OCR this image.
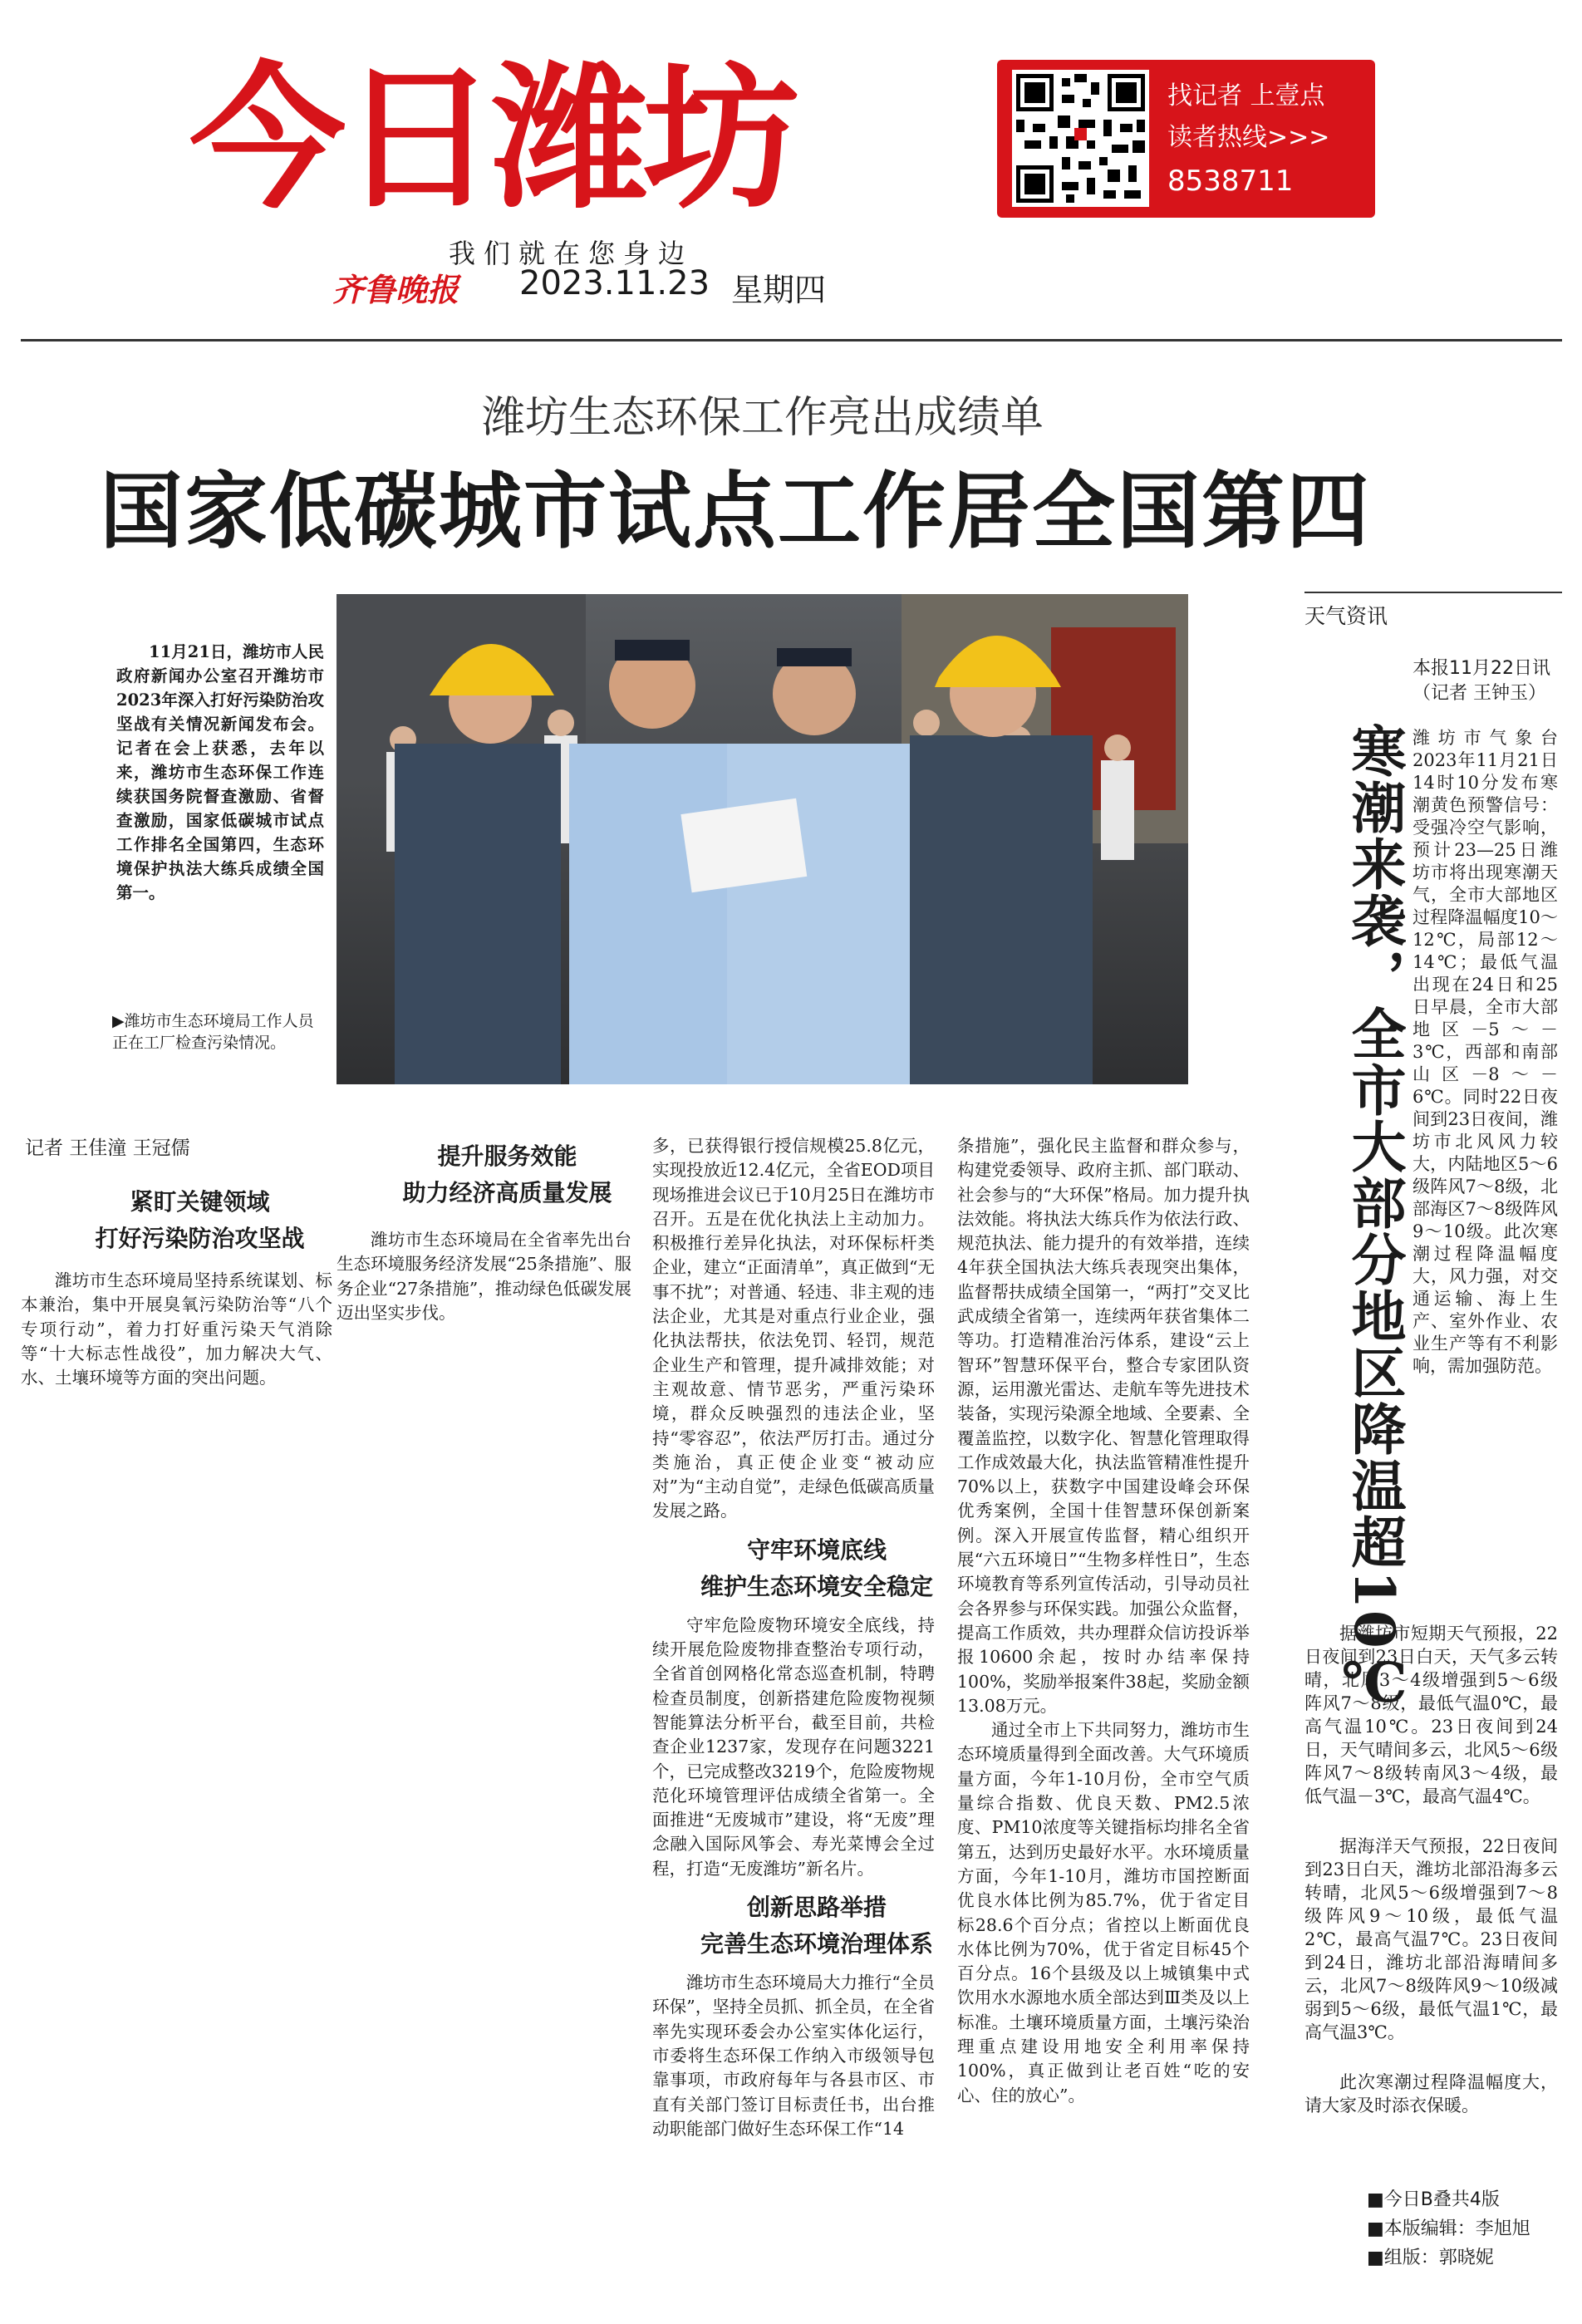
今日潍坊
我们就在您身边
齐鲁晚报 2023.11.23 星期四
找记者 上壹点
读者热线>>>
8538711
潍坊生态环保工作亮出成绩单
国家低碳城市试点工作居全国第四
11月21日，潍坊市人民政府新闻办公室召开潍坊市2023年深入打好污染防治攻坚战有关情况新闻发布会。记者在会上获悉，去年以来，潍坊市生态环保工作连续获国务院督查激励、省督查激励，国家低碳城市试点工作排名全国第四，生态环境保护执法大练兵成绩全国第一。
▶潍坊市生态环境局工作人员正在工厂检查污染情况。
天气资讯
本报11月22日讯（记者 王钟玉）
寒潮来袭，全市大部分地区降温超10℃ 潍坊市气象台2023年11月21日14时10分发布寒潮黄色预警信号：受强冷空气影响，预计23—25日潍坊市将出现寒潮天气，全市大部地区过程降温幅度10～12℃，局部12～14℃；最低气温出现在24日和25日早晨，全市大部地区－5～－3℃，西部和南部山区－8～－6℃。同时22日夜间到23日夜间，潍坊市北风风力较大，内陆地区5～6级阵风7～8级，北部海区7～8级阵风9～10级。此次寒潮过程降温幅度大，风力强，对交通运输、海上生产、室外作业、农业生产等有不利影响，需加强防范。

据潍坊市短期天气预报，22日夜间到23日白天，天气多云转晴，北风3～4级增强到5～6级阵风7～8级，最低气温0℃，最高气温10℃。23日夜间到24日，天气晴间多云，北风5～6级阵风7～8级转南风3～4级，最低气温－3℃，最高气温4℃。

据海洋天气预报，22日夜间到23日白天，潍坊北部沿海多云转晴，北风5～6级增强到7～8级阵风9～10级，最低气温2℃，最高气温7℃。23日夜间到24日，潍坊北部沿海晴间多云，北风7～8级阵风9～10级减弱到5～6级，最低气温1℃，最高气温3℃。

此次寒潮过程降温幅度大，请大家及时添衣保暖。

■今日B叠共4版
■本版编辑：李旭旭
■组版：郭晓妮
记者 王佳潼 王冠儒

紧盯关键领域

打好污染防治攻坚战

潍坊市生态环境局坚持系统谋划、标本兼治，集中开展臭氧污染防治等“八个专项行动”，着力打好重污染天气消除等“十大标志性战役”，加力解决大气、水、土壤环境等方面的突出问题。

提升服务效能

助力经济高质量发展

潍坊市生态环境局在全省率先出台生态环境服务经济发展“25条措施”、服务企业“27条措施”，推动绿色低碳发展迈出坚实步伐。

多，已获得银行授信规模25.8亿元，实现投放近12.4亿元，全省EOD项目现场推进会议已于10月25日在潍坊市召开。五是在优化执法上主动加力。积极推行差异化执法，对环保标杆类企业，建立“正面清单”，真正做到“无事不扰”；对普通、轻违、非主观的违法企业，尤其是对重点行业企业，强化执法帮扶，依法免罚、轻罚，规范企业生产和管理，提升减排效能；对主观故意、情节恶劣，严重污染环境，群众反映强烈的违法企业，坚持“零容忍”，依法严厉打击。通过分类施治，真正使企业变“被动应对”为“主动自觉”，走绿色低碳高质量发展之路。

守牢环境底线

维护生态环境安全稳定

守牢危险废物环境安全底线，持续开展危险废物排查整治专项行动，全省首创网格化常态巡查机制，特聘检查员制度，创新搭建危险废物视频智能算法分析平台，截至目前，共检查企业1237家，发现存在问题3221个，已完成整改3219个，危险废物规范化环境管理评估成绩全省第一。全面推进“无废城市”建设，将“无废”理念融入国际风筝会、寿光菜博会全过程，打造“无废潍坊”新名片。

创新思路举措

完善生态环境治理体系

潍坊市生态环境局大力推行“全员环保”，坚持全员抓、抓全员，在全省率先实现环委会办公室实体化运行，市委将生态环保工作纳入市级领导包靠事项，市政府每年与各县市区、市直有关部门签订目标责任书，出台推动职能部门做好生态环保工作“14

条措施”，强化民主监督和群众参与，构建党委领导、政府主抓、部门联动、社会参与的“大环保”格局。加力提升执法效能。将执法大练兵作为依法行政、规范执法、能力提升的有效举措，连续4年获全国执法大练兵表现突出集体，监督帮扶成绩全国第一，“两打”交叉比武成绩全省第一，连续两年获省集体二等功。打造精准治污体系，建设“云上智环”智慧环保平台，整合专家团队资源，运用激光雷达、走航车等先进技术装备，实现污染源全地域、全要素、全覆盖监控，以数字化、智慧化管理取得工作成效最大化，执法监管精准性提升70%以上，获数字中国建设峰会环保优秀案例，全国十佳智慧环保创新案例。深入开展宣传监督，精心组织开展“六五环境日”“生物多样性日”，生态环境教育等系列宣传活动，引导动员社会各界参与环保实践。加强公众监督，提高工作质效，共办理群众信访投诉举报10600余起，按时办结率保持100%，奖励举报案件38起，奖励金额13.08万元。

通过全市上下共同努力，潍坊市生态环境质量得到全面改善。大气环境质量方面，今年1-10月份，全市空气质量综合指数、优良天数、PM2.5浓度、PM10浓度等关键指标均排名全省第五，达到历史最好水平。水环境质量方面，今年1-10月，潍坊市国控断面优良水体比例为85.7%，优于省定目标28.6个百分点；省控以上断面优良水体比例为70%，优于省定目标45个百分点。16个县级及以上城镇集中式饮用水水源地水质全部达到Ⅲ类及以上标准。土壤环境质量方面，土壤污染治理重点建设用地安全利用率保持100%，真正做到让老百姓“吃的安心、住的放心”。
